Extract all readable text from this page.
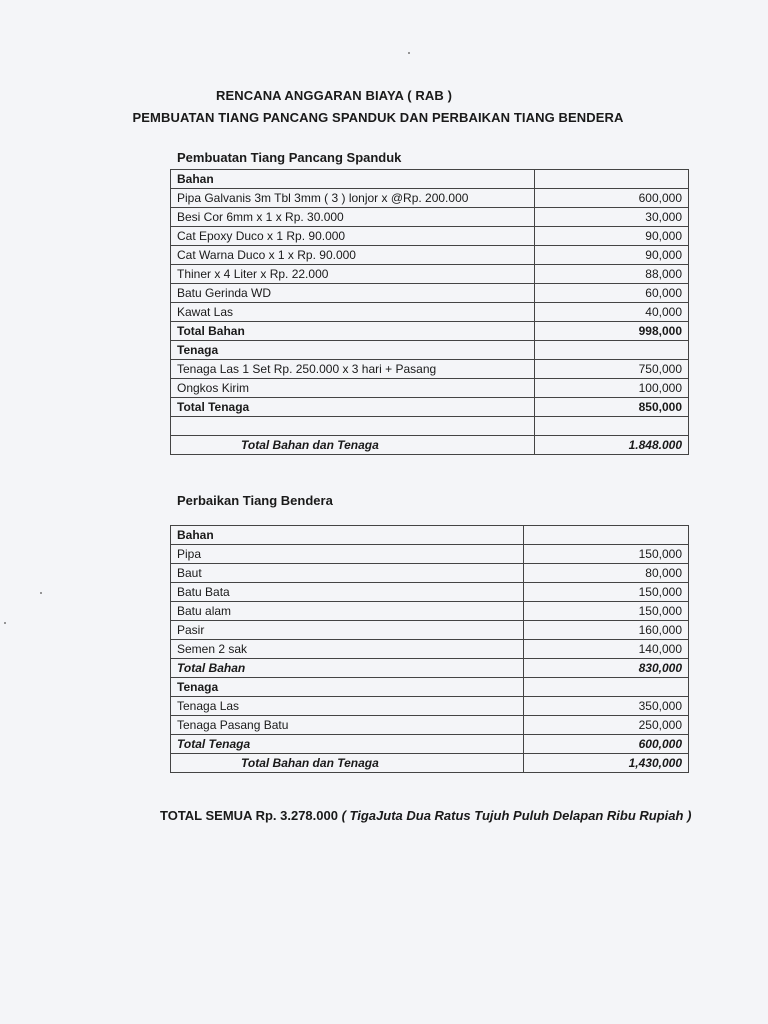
RENCANA ANGGARAN BIAYA ( RAB )
PEMBUATAN TIANG PANCANG SPANDUK DAN PERBAIKAN TIANG BENDERA
Pembuatan Tiang Pancang Spanduk
Bahan	
Pipa Galvanis 3m Tbl 3mm ( 3 ) lonjor x @Rp. 200.000	600,000
Besi Cor 6mm x 1 x Rp. 30.000	30,000
Cat Epoxy Duco x 1 Rp. 90.000	90,000
Cat Warna Duco x 1 x Rp. 90.000	90,000
Thiner x 4 Liter x Rp. 22.000	88,000
Batu Gerinda WD	60,000
Kawat Las	40,000
Total Bahan	998,000
Tenaga	
Tenaga Las 1 Set Rp. 250.000 x 3 hari + Pasang	750,000
Ongkos Kirim	100,000
Total Tenaga	850,000

Total Bahan dan Tenaga	1.848.000
Perbaikan Tiang Bendera
Bahan	
Pipa	150,000
Baut	80,000
Batu Bata	150,000
Batu alam	150,000
Pasir	160,000
Semen 2 sak	140,000
Total Bahan	830,000
Tenaga	
Tenaga Las	350,000
Tenaga Pasang Batu	250,000
Total Tenaga	600,000
Total Bahan dan Tenaga	1,430,000
TOTAL SEMUA Rp. 3.278.000 ( TigaJuta Dua Ratus Tujuh Puluh Delapan Ribu Rupiah )
